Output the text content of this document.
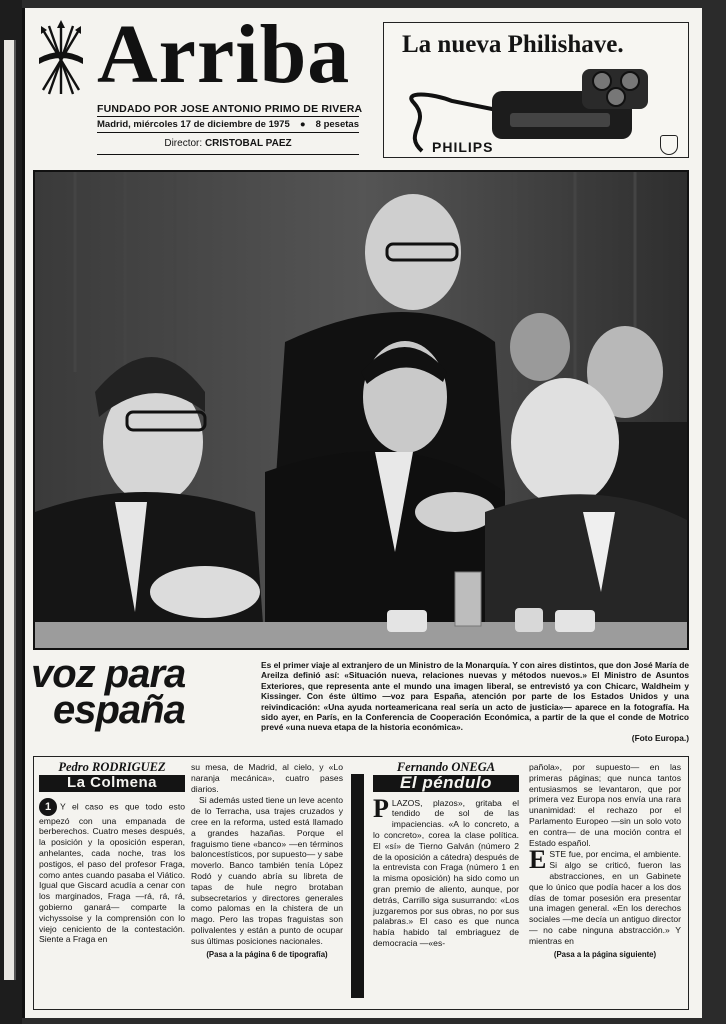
Arriba
FUNDADO POR JOSE ANTONIO PRIMO DE RIVERA
Madrid, miércoles 17 de diciembre de 1975 ● 8 pesetas
Director: CRISTOBAL PAEZ
La nueva Philishave.
PHILIPS
voz para
españa
Es el primer viaje al extranjero de un Ministro de la Monarquía. Y con aires distintos, que don José María de Areilza definió así: «Situación nueva, relaciones nuevas y métodos nuevos.» El Ministro de Asuntos Exteriores, que representa ante el mundo una imagen liberal, se entrevistó ya con Chicarc, Waldheim y Kissinger. Con éste último —voz para España, atención por parte de los Estados Unidos y una reivindicación: «Una ayuda norteamericana real sería un acto de justicia»— aparece en la fotografía. Ha sido ayer, en París, en la Conferencia de Cooperación Económica, a partir de la que el conde de Motrico prevé «una nueva etapa de la historia económica».
(Foto Europa.)
Pedro RODRIGUEZ
La Colmena

1 Y el caso es que todo esto empezó con una empanada de berberechos. Cuatro meses después, la posición y la oposición esperan, anhelantes, cada noche, tras los postigos, el paso del profesor Fraga, como antes cuando pasaba el Viático. Igual que Giscard acudía a cenar con los marginados, Fraga —rá, rá, rá, gobierno ganará— comparte la vichyssoise y la comprensión con lo viejo ceniciento de la contestación. Siente a Fraga en

su mesa, de Madrid, al cielo, y «Lo naranja mecánica», cuatro pases diarios.

Si además usted tiene un leve acento de lo Terracha, usa trajes cruzados y cree en la reforma, usted está llamado a grandes hazañas. Porque el fraguismo tiene «banco» —en términos baloncestísticos, por supuesto— y sabe moverlo. Banco también tenía López Rodó y cuando abría su libreta de tapas de hule negro brotaban subsecretarios y directores generales como palomas en la chistera de un mago. Pero las tropas fraguistas son polivalentes y están a punto de ocupar sus últimas posiciones nacionales.

(Pasa a la página 6 de tipografía)
Fernando ONEGA
El péndulo

PLAZOS, plazos», gritaba el tendido de sol de las impaciencias. «A lo concreto, a lo concreto», corea la clase política. El «sí» de Tierno Galván (número 2 de la oposición a cátedra) después de la entrevista con Fraga (número 1 en la misma oposición) ha sido como un gran premio de aliento, aunque, por detrás, Carrillo siga susurrando: «Los juzgaremos por sus obras, no por sus palabras.» El caso es que nunca había habido tal embriaguez de democracia —«es-

pañola», por supuesto— en las primeras páginas; que nunca tantos entusiasmos se levantaron, que por primera vez Europa nos envía una rara unanimidad: el rechazo por el Parlamento Europeo —sin un solo voto en contra— de una moción contra el Estado español.

ESTE fue, por encima, el ambiente. Si algo se criticó, fueron las abstracciones, en un Gabinete que lo único que podía hacer a los dos días de tomar posesión era presentar una imagen general. «En los derechos sociales —me decía un antiguo director— no cabe ninguna abstracción.» Y mientras en

(Pasa a la página siguiente)
